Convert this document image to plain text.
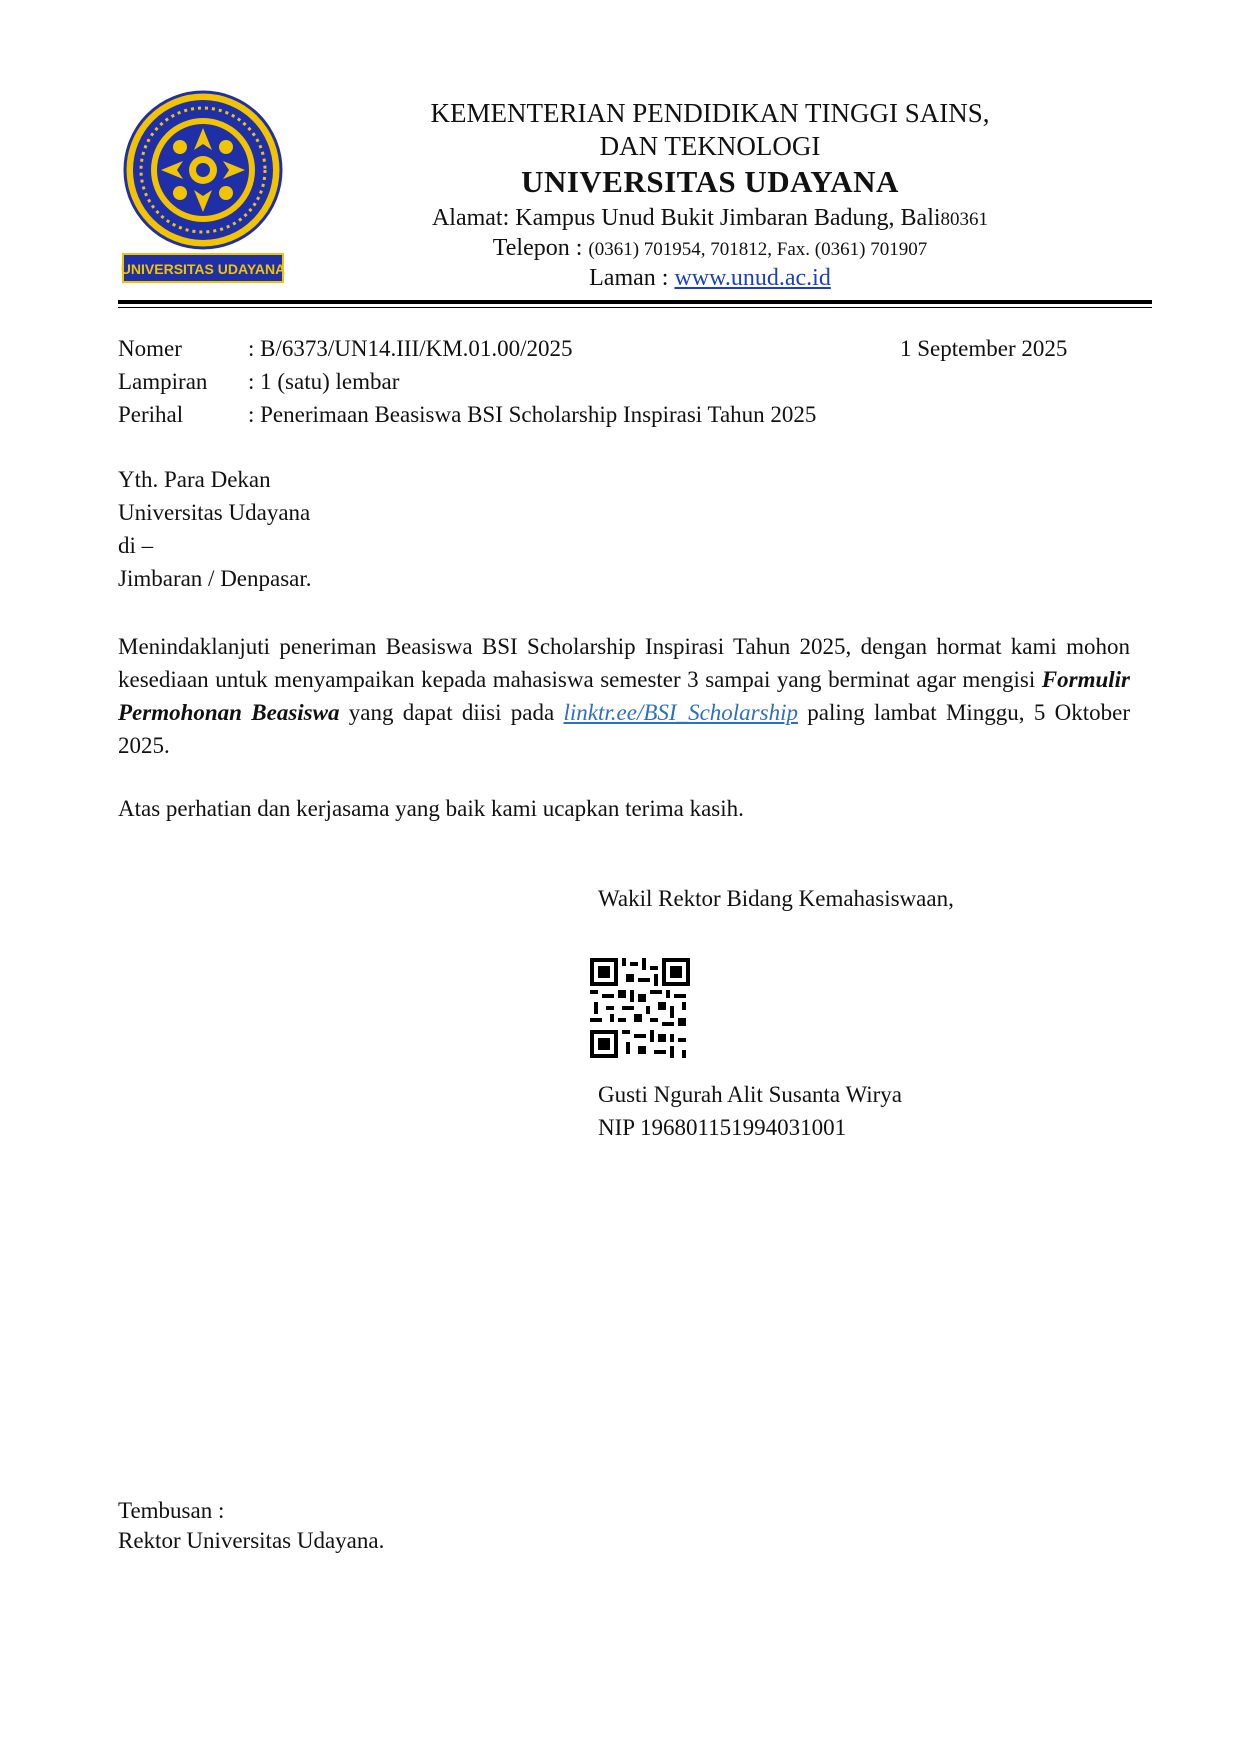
UNIVERSITAS UDAYANA
KEMENTERIAN PENDIDIKAN TINGGI SAINS,
DAN TEKNOLOGI
UNIVERSITAS UDAYANA
Alamat: Kampus Unud Bukit Jimbaran Badung, Bali80361
Telepon : (0361) 701954, 701812, Fax. (0361) 701907
Laman : www.unud.ac.id
Nomer	: B/6373/UN14.III/KM.01.00/2025
Lampiran	: 1 (satu) lembar
Perihal	: Penerimaan Beasiswa BSI Scholarship Inspirasi Tahun 2025
1 September 2025
Yth. Para Dekan
Universitas Udayana
di –
Jimbaran / Denpasar.
Menindaklanjuti peneriman Beasiswa BSI Scholarship Inspirasi Tahun 2025, dengan hormat kami mohon kesediaan untuk menyampaikan kepada mahasiswa semester 3 sampai yang berminat agar mengisi Formulir Permohonan Beasiswa yang dapat diisi pada linktr.ee/BSI_Scholarship paling lambat Minggu, 5 Oktober 2025.
Atas perhatian dan kerjasama yang baik kami ucapkan terima kasih.
Wakil Rektor Bidang Kemahasiswaan,
Gusti Ngurah Alit Susanta Wirya
NIP 196801151994031001
Tembusan :
Rektor Universitas Udayana.
